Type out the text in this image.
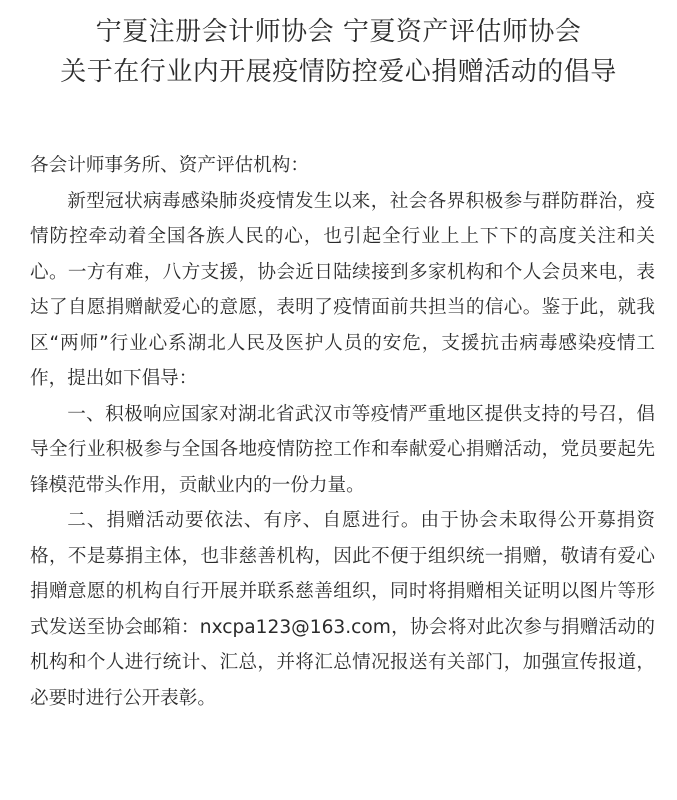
宁夏注册会计师协会 宁夏资产评估师协会
关于在行业内开展疫情防控爱心捐赠活动的倡导

各会计师事务所、资产评估机构：

新型冠状病毒感染肺炎疫情发生以来，社会各界积极参与群防群治，疫情防控牵动着全国各族人民的心，也引起全行业上上下下的高度关注和关心。一方有难，八方支援，协会近日陆续接到多家机构和个人会员来电，表达了自愿捐赠献爱心的意愿，表明了疫情面前共担当的信心。鉴于此，就我区“两师”行业心系湖北人民及医护人员的安危，支援抗击病毒感染疫情工作，提出如下倡导：

一、积极响应国家对湖北省武汉市等疫情严重地区提供支持的号召，倡导全行业积极参与全国各地疫情防控工作和奉献爱心捐赠活动，党员要起先锋模范带头作用，贡献业内的一份力量。

二、捐赠活动要依法、有序、自愿进行。由于协会未取得公开募捐资格，不是募捐主体，也非慈善机构，因此不便于组织统一捐赠，敬请有爱心捐赠意愿的机构自行开展并联系慈善组织，同时将捐赠相关证明以图片等形式发送至协会邮箱：nxcpa123@163.com，协会将对此次参与捐赠活动的机构和个人进行统计、汇总，并将汇总情况报送有关部门，加强宣传报道，必要时进行公开表彰。
